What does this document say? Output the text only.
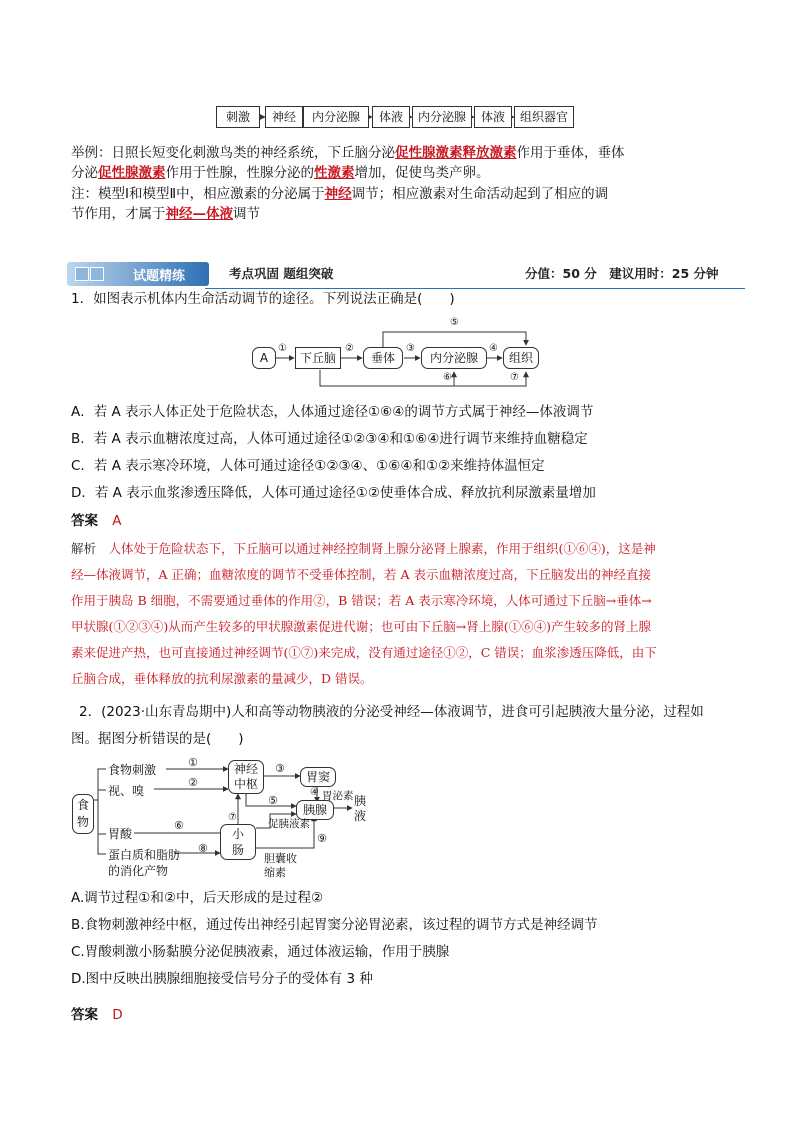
刺激	神经	内分泌腺	体液	内分泌腺	体液	组织器官
举例：日照长短变化刺激鸟类的神经系统，下丘脑分泌促性腺激素释放激素作用于垂体，垂体
分泌促性腺激素作用于性腺，性腺分泌的性激素增加，促使鸟类产卵。
注：模型Ⅰ和模型Ⅱ中，相应激素的分泌属于神经调节；相应激素对生命活动起到了相应的调
节作用，才属于神经—体液调节
试题精练	考点巩固 题组突破	分值：50 分　建议用时：25 分钟
1．如图表示机体内生命活动调节的途径。下列说法正确是(　　)
A	下丘脑	垂体	内分泌腺	组织
①	②	③	④
⑤
⑥	⑦
A．若 A 表示人体正处于危险状态，人体通过途径①⑥④的调节方式属于神经—体液调节
B．若 A 表示血糖浓度过高，人体可通过途径①②③④和①⑥④进行调节来维持血糖稳定
C．若 A 表示寒冷环境，人体可通过途径①②③④、①⑥④和①②来维持体温恒定
D．若 A 表示血浆渗透压降低，人体可通过途径①②使垂体合成、释放抗利尿激素量增加
答案 A
解析　 人体处于危险状态下，下丘脑可以通过神经控制肾上腺分泌肾上腺素，作用于组织(①⑥④)，这是神
经—体液调节，A 正确；血糖浓度的调节不受垂体控制，若 A 表示血糖浓度过高，下丘脑发出的神经直接
作用于胰岛 B 细胞，不需要通过垂体的作用②，B 错误；若 A 表示寒冷环境，人体可通过下丘脑→垂体→
甲状腺(①②③④)从而产生较多的甲状腺激素促进代谢；也可由下丘脑→肾上腺(①⑥④)产生较多的肾上腺
素来促进产热，也可直接通过神经调节(①⑦)来完成，没有通过途径①②，C 错误；血浆渗透压降低，由下
丘脑合成，垂体释放的抗利尿激素的量减少，D 错误。
2．(2023·山东青岛期中)人和高等动物胰液的分泌受神经—体液调节，进食可引起胰液大量分泌，过程如
图。据图分析错误的是(　　)
食物
食物刺激
视、嗅
胃酸
蛋白质和脂肪
的消化产物
神经
中枢	胃窦
胰腺
小
肠
胰
液
胃泌素
促胰液素
胆囊收
缩素
①
②
③
④
⑤
⑥
⑦
⑧
⑨
A.调节过程①和②中，后天形成的是过程②
B.食物刺激神经中枢，通过传出神经引起胃窦分泌胃泌素，该过程的调节方式是神经调节
C.胃酸刺激小肠黏膜分泌促胰液素，通过体液运输，作用于胰腺
D.图中反映出胰腺细胞接受信号分子的受体有 3 种
答案 D
